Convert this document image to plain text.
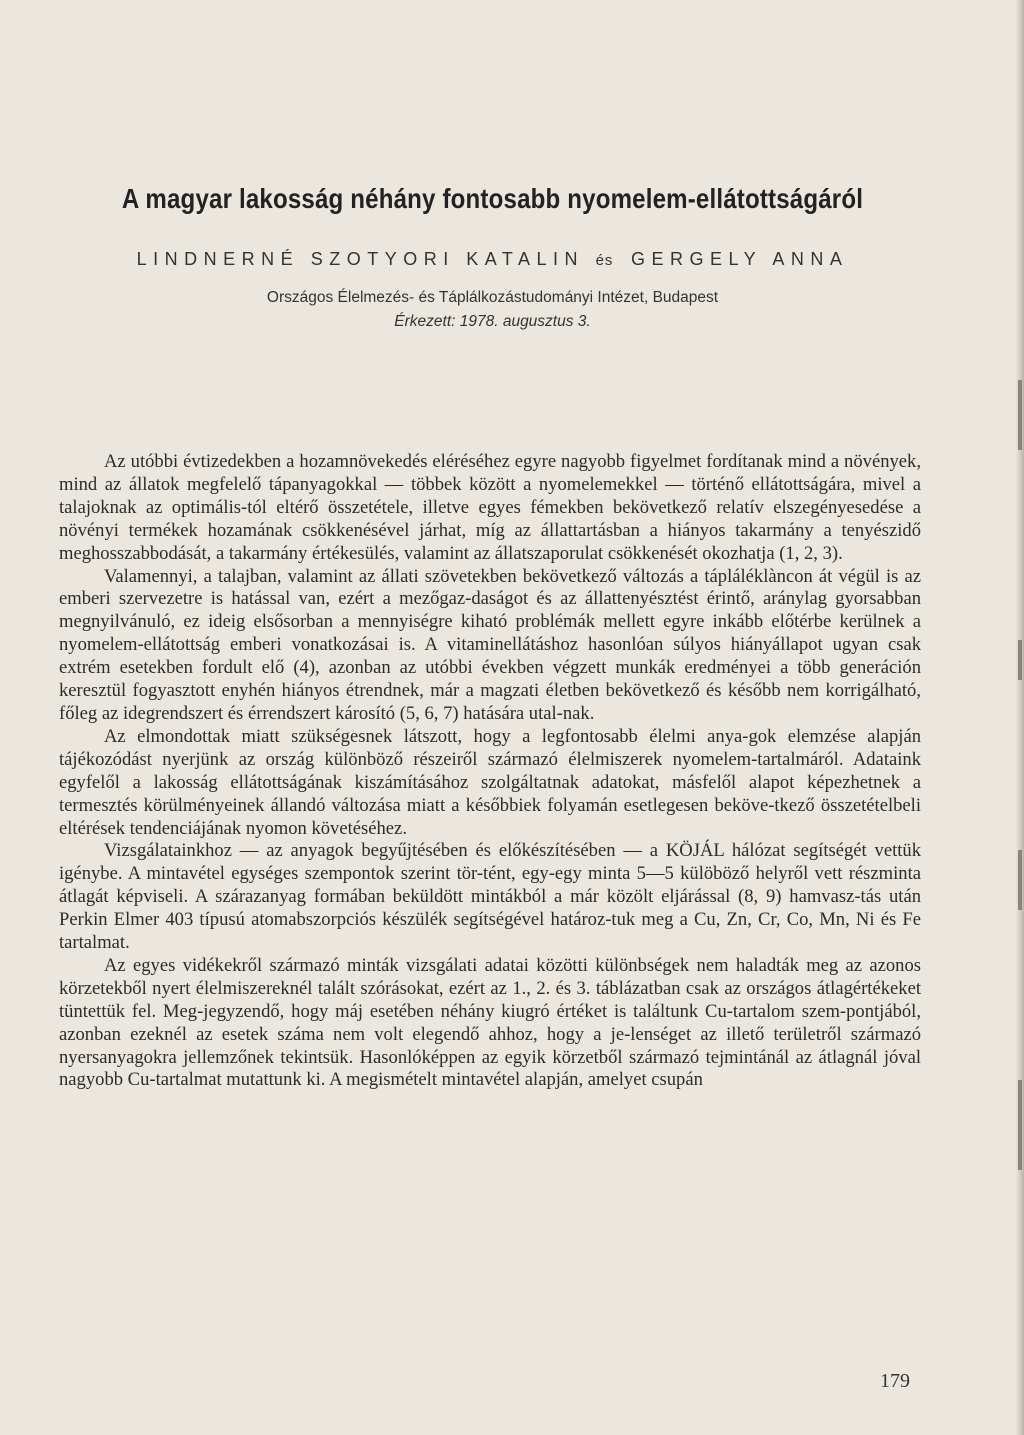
A magyar lakosság néhány fontosabb nyomelem-ellátottságáról
LINDNERNÉ SZOTYORI KATALIN és GERGELY ANNA
Országos Élelmezés- és Táplálkozástudományi Intézet, Budapest
Érkezett: 1978. augusztus 3.

Az utóbbi évtizedekben a hozamnövekedés eléréséhez egyre nagyobb figyelmet fordítanak mind a növények, mind az állatok megfelelő tápanyagokkal — többek között a nyomelemekkel — történő ellátottságára, mivel a talajoknak az optimális-tól eltérő összetétele, illetve egyes fémekben bekövetkező relatív elszegényesedése a növényi termékek hozamának csökkenésével járhat, míg az állattartásban a hiányos takarmány a tenyészidő meghosszabbodását, a takarmány értékesülés, valamint az állatszaporulat csökkenését okozhatja (1, 2, 3).

Valamennyi, a talajban, valamint az állati szövetekben bekövetkező változás a tápláléklàncon át végül is az emberi szervezetre is hatással van, ezért a mezőgaz-daságot és az állattenyésztést érintő, aránylag gyorsabban megnyilvánuló, ez ideig elsősorban a mennyiségre kiható problémák mellett egyre inkább előtérbe kerülnek a nyomelem-ellátottság emberi vonatkozásai is. A vitaminellátáshoz hasonlóan súlyos hiányállapot ugyan csak extrém esetekben fordult elő (4), azonban az utóbbi években végzett munkák eredményei a több generáción keresztül fogyasztott enyhén hiányos étrendnek, már a magzati életben bekövetkező és később nem korrigálható, főleg az idegrendszert és érrendszert károsító (5, 6, 7) hatására utal-nak.

Az elmondottak miatt szükségesnek látszott, hogy a legfontosabb élelmi anya-gok elemzése alapján tájékozódást nyerjünk az ország különböző részeiről származó élelmiszerek nyomelem-tartalmáról. Adataink egyfelől a lakosság ellátottságának kiszámításához szolgáltatnak adatokat, másfelől alapot képezhetnek a termesztés körülményeinek állandó változása miatt a későbbiek folyamán esetlegesen beköve-tkező összetételbeli eltérések tendenciájának nyomon követéséhez.

Vizsgálatainkhoz — az anyagok begyűjtésében és előkészítésében — a KÖJÁL hálózat segítségét vettük igénybe. A mintavétel egységes szempontok szerint tör-tént, egy-egy minta 5—5 külöböző helyről vett részminta átlagát képviseli. A szárazanyag formában beküldött mintákból a már közölt eljárással (8, 9) hamvasz-tás után Perkin Elmer 403 típusú atomabszorpciós készülék segítségével határoz-tuk meg a Cu, Zn, Cr, Co, Mn, Ni és Fe tartalmat.

Az egyes vidékekről származó minták vizsgálati adatai közötti különbségek nem haladták meg az azonos körzetekből nyert élelmiszereknél talált szórásokat, ezért az 1., 2. és 3. táblázatban csak az országos átlagértékeket tüntettük fel. Meg-jegyzendő, hogy máj esetében néhány kiugró értéket is találtunk Cu-tartalom szem-pontjából, azonban ezeknél az esetek száma nem volt elegendő ahhoz, hogy a je-lenséget az illető területről származó nyersanyagokra jellemzőnek tekintsük. Hasonlóképpen az egyik körzetből származó tejmintánál az átlagnál jóval nagyobb Cu-tartalmat mutattunk ki. A megismételt mintavétel alapján, amelyet csupán

179
